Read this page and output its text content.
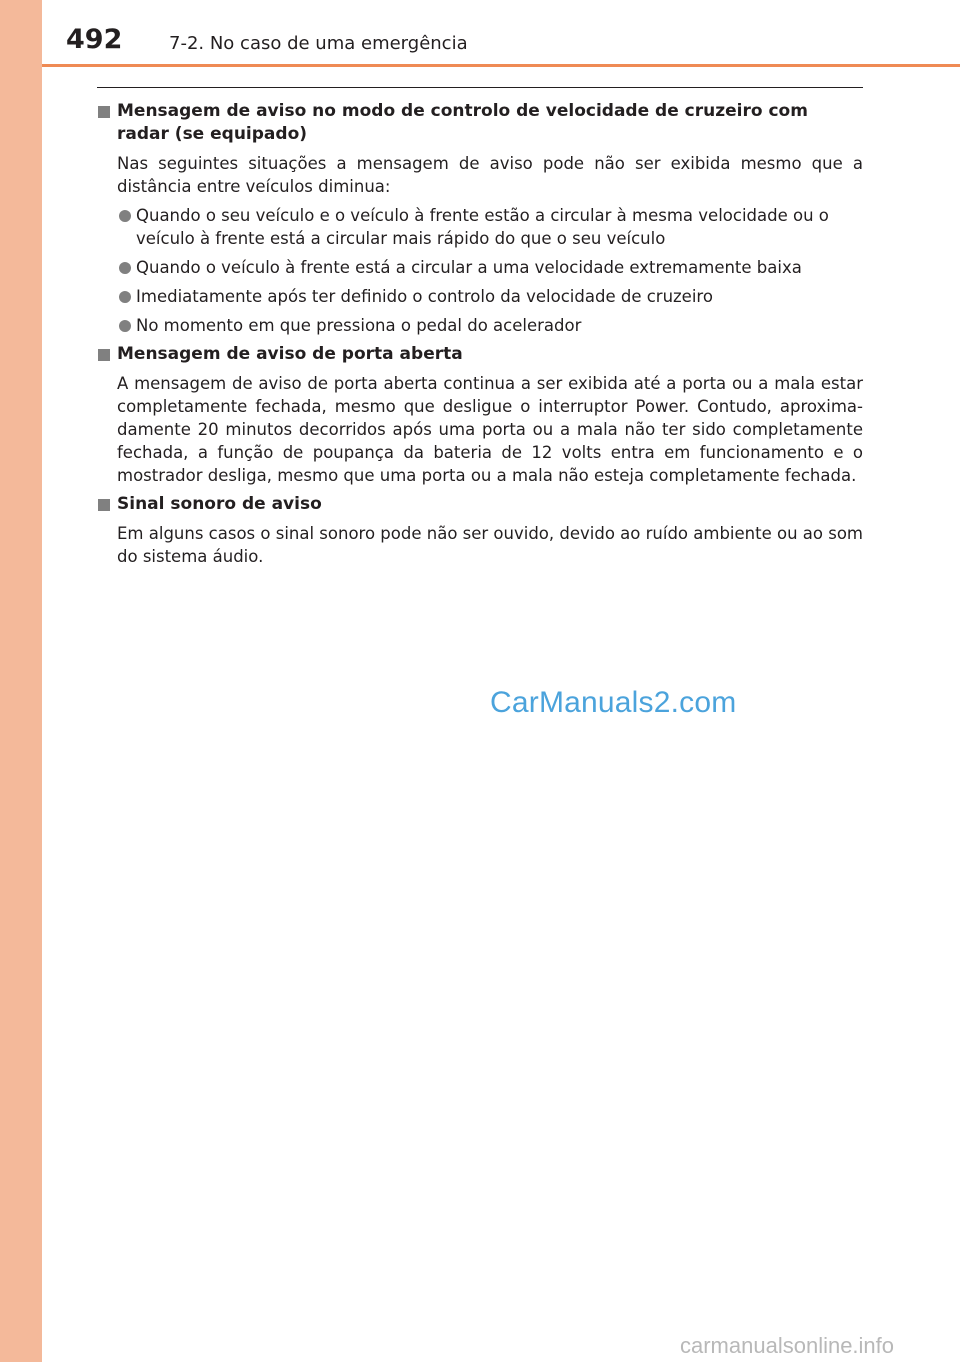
492	7-2. No caso de uma emergência
Mensagem de aviso no modo de controlo de velocidade de cruzeiro com radar (se equipado)

Nas seguintes situações a mensagem de aviso pode não ser exibida mesmo que a distância entre veículos diminua:

Quando o seu veículo e o veículo à frente estão a circular à mesma velocidade ou o veículo à frente está a circular mais rápido do que o seu veículo
Quando o veículo à frente está a circular a uma velocidade extremamente baixa
Imediatamente após ter definido o controlo da velocidade de cruzeiro
No momento em que pressiona o pedal do acelerador
Mensagem de aviso de porta aberta

A mensagem de aviso de porta aberta continua a ser exibida até a porta ou a mala estar completamente fechada, mesmo que desligue o interruptor Power. Contudo, aproxima-damente 20 minutos decorridos após uma porta ou a mala não ter sido completamente fechada, a função de poupança da bateria de 12 volts entra em funcionamento e o mostrador desliga, mesmo que uma porta ou a mala não esteja completamente fechada.

Sinal sonoro de aviso

Em alguns casos o sinal sonoro pode não ser ouvido, devido ao ruído ambiente ou ao som do sistema áudio.

CarManuals2.com
carmanualsonline.info
